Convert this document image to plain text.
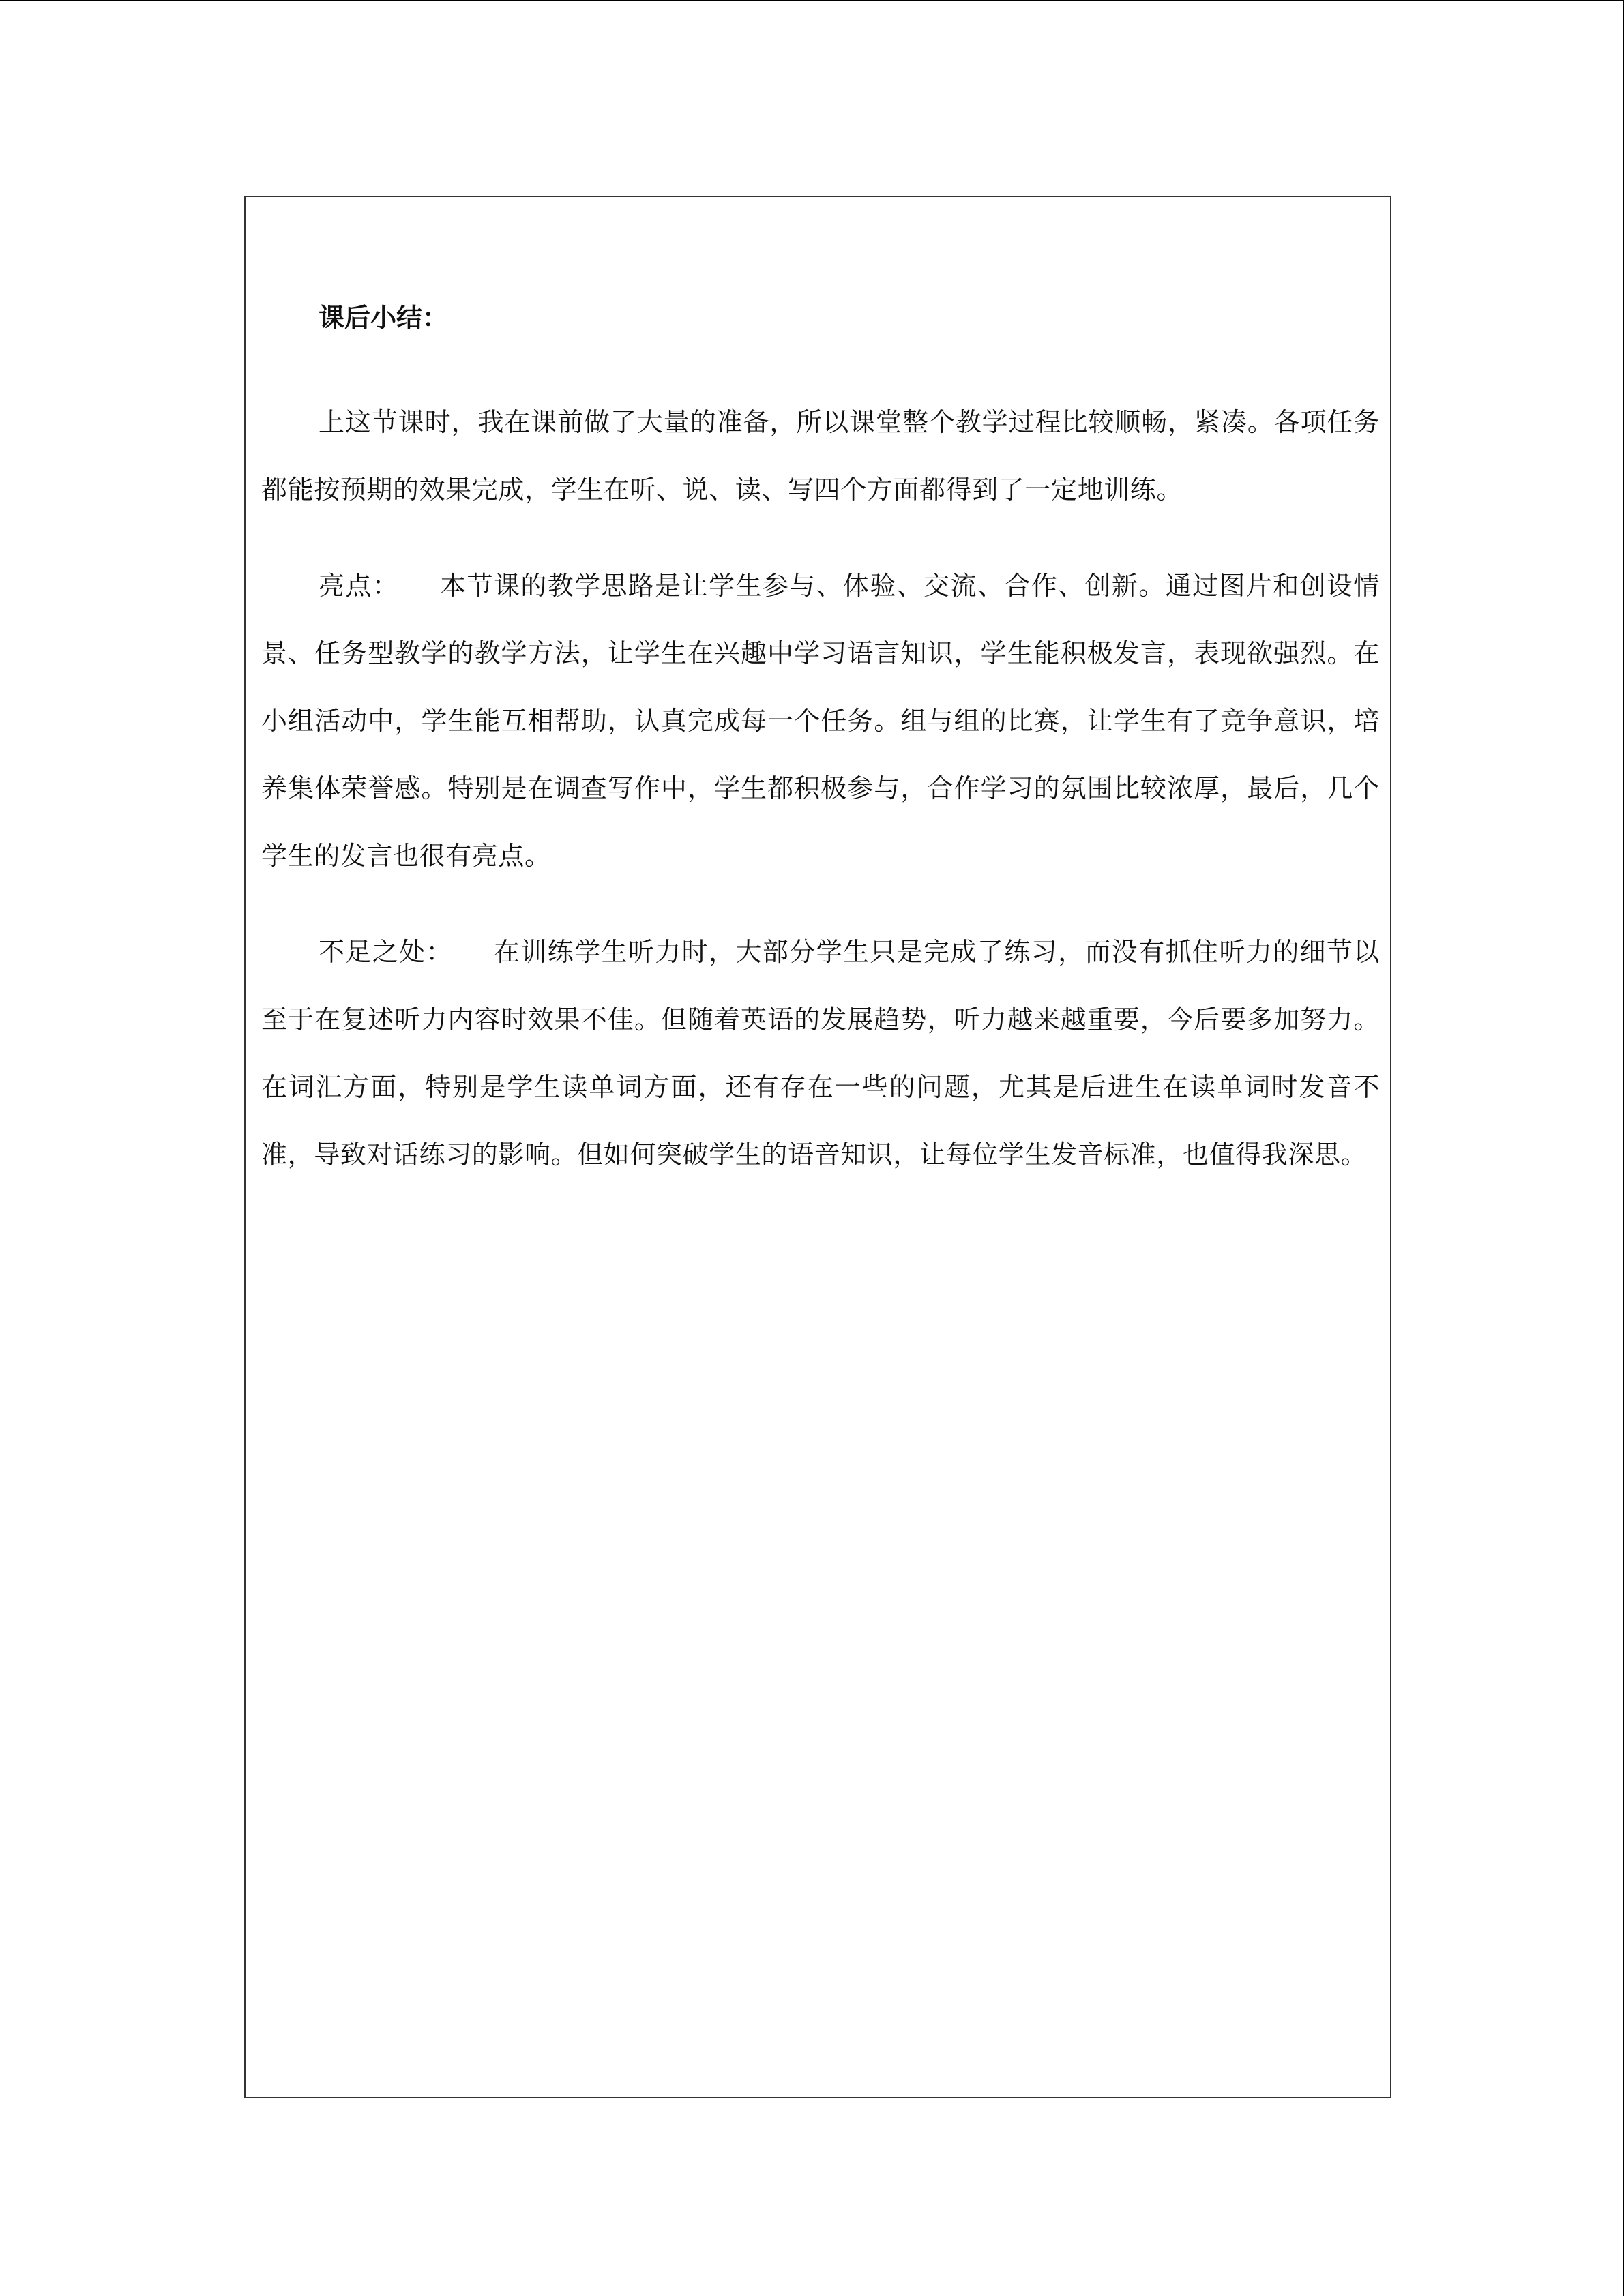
课后小结：

上这节课时，我在课前做了大量的准备，所以课堂整个教学过程比较顺畅，紧凑。各项任务都能按预期的效果完成，学生在听、说、读、写四个方面都得到了一定地训练。

亮点： 本节课的教学思路是让学生参与、体验、交流、合作、创新。通过图片和创设情景、任务型教学的教学方法，让学生在兴趣中学习语言知识，学生能积极发言，表现欲强烈。在小组活动中，学生能互相帮助，认真完成每一个任务。组与组的比赛，让学生有了竞争意识，培养集体荣誉感。特别是在调查写作中，学生都积极参与，合作学习的氛围比较浓厚，最后，几个学生的发言也很有亮点。

不足之处： 在训练学生听力时，大部分学生只是完成了练习，而没有抓住听力的细节以至于在复述听力内容时效果不佳。但随着英语的发展趋势，听力越来越重要，今后要多加努力。在词汇方面，特别是学生读单词方面，还有存在一些的问题，尤其是后进生在读单词时发音不准，导致对话练习的影响。但如何突破学生的语音知识，让每位学生发音标准，也值得我深思。
